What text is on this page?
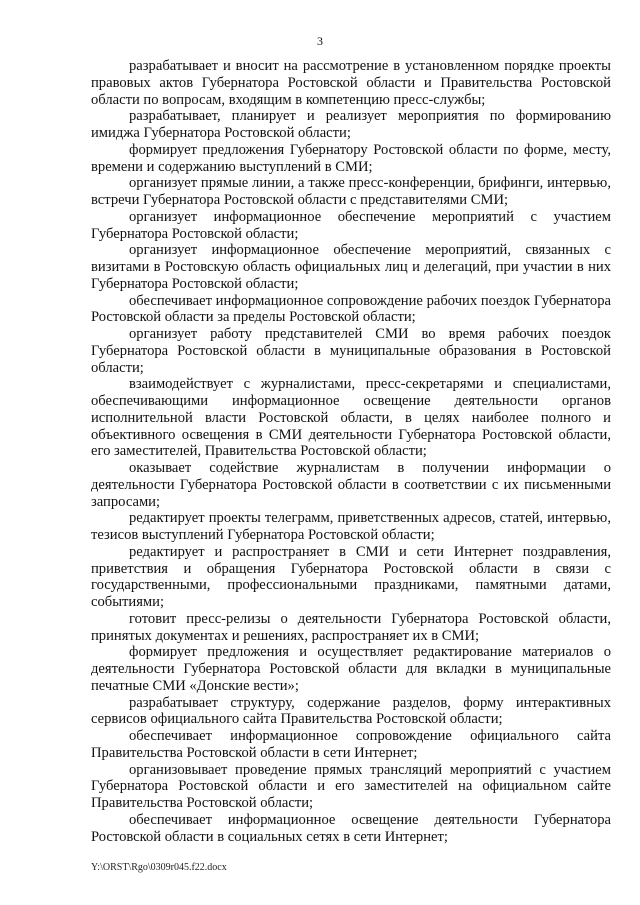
3

разрабатывает и вносит на рассмотрение в установленном порядке проекты правовых актов Губернатора Ростовской области и Правительства Ростовской области по вопросам, входящим в компетенцию пресс-службы;

разрабатывает, планирует и реализует мероприятия по формированию имиджа Губернатора Ростовской области;

формирует предложения Губернатору Ростовской области по форме, месту, времени и содержанию выступлений в СМИ;

организует прямые линии, а также пресс-конференции, брифинги, интервью, встречи Губернатора Ростовской области с представителями СМИ;

организует информационное обеспечение мероприятий с участием Губернатора Ростовской области;

организует информационное обеспечение мероприятий, связанных с визитами в Ростовскую область официальных лиц и делегаций, при участии в них Губернатора Ростовской области;

обеспечивает информационное сопровождение рабочих поездок Губернатора Ростовской области за пределы Ростовской области;

организует работу представителей СМИ во время рабочих поездок Губернатора Ростовской области в муниципальные образования в Ростовской области;

взаимодействует с журналистами, пресс-секретарями и специалистами, обеспечивающими информационное освещение деятельности органов исполнительной власти Ростовской области, в целях наиболее полного и объективного освещения в СМИ деятельности Губернатора Ростовской области, его заместителей, Правительства Ростовской области;

оказывает содействие журналистам в получении информации о деятельности Губернатора Ростовской области в соответствии с их письменными запросами;

редактирует проекты телеграмм, приветственных адресов, статей, интервью, тезисов выступлений Губернатора Ростовской области;

редактирует и распространяет в СМИ и сети Интернет поздравления, приветствия и обращения Губернатора Ростовской области в связи с государственными, профессиональными праздниками, памятными датами, событиями;

готовит пресс-релизы о деятельности Губернатора Ростовской области, принятых документах и решениях, распространяет их в СМИ;

формирует предложения и осуществляет редактирование материалов о деятельности Губернатора Ростовской области для вкладки в муниципальные печатные СМИ «Донские вести»;

разрабатывает структуру, содержание разделов, форму интерактивных сервисов официального сайта Правительства Ростовской области;

обеспечивает информационное сопровождение официального сайта Правительства Ростовской области в сети Интернет;

организовывает проведение прямых трансляций мероприятий с участием Губернатора Ростовской области и его заместителей на официальном сайте Правительства Ростовской области;

обеспечивает информационное освещение деятельности Губернатора Ростовской области в социальных сетях в сети Интернет;

Y:\ORST\Rgo\0309r045.f22.docx
